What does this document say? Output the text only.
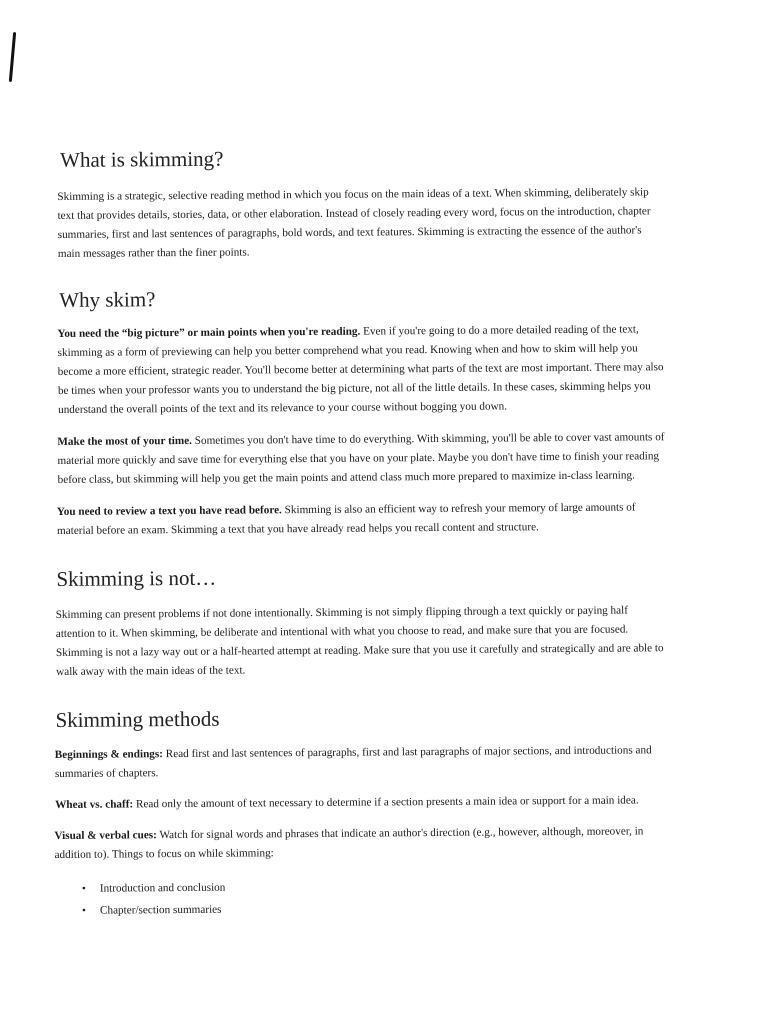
What is skimming?

Skimming is a strategic, selective reading method in which you focus on the main ideas of a text. When skimming, deliberately skip text that provides details, stories, data, or other elaboration. Instead of closely reading every word, focus on the introduction, chapter summaries, first and last sentences of paragraphs, bold words, and text features. Skimming is extracting the essence of the author's main messages rather than the finer points.

Why skim?

You need the “big picture” or main points when you're reading. Even if you're going to do a more detailed reading of the text, skimming as a form of previewing can help you better comprehend what you read. Knowing when and how to skim will help you become a more efficient, strategic reader. You'll become better at determining what parts of the text are most important. There may also be times when your professor wants you to understand the big picture, not all of the little details. In these cases, skimming helps you understand the overall points of the text and its relevance to your course without bogging you down.

Make the most of your time. Sometimes you don't have time to do everything. With skimming, you'll be able to cover vast amounts of material more quickly and save time for everything else that you have on your plate. Maybe you don't have time to finish your reading before class, but skimming will help you get the main points and attend class much more prepared to maximize in-class learning.

You need to review a text you have read before. Skimming is also an efficient way to refresh your memory of large amounts of material before an exam. Skimming a text that you have already read helps you recall content and structure.

Skimming is not…

Skimming can present problems if not done intentionally. Skimming is not simply flipping through a text quickly or paying half attention to it. When skimming, be deliberate and intentional with what you choose to read, and make sure that you are focused. Skimming is not a lazy way out or a half-hearted attempt at reading. Make sure that you use it carefully and strategically and are able to walk away with the main ideas of the text.

Skimming methods

Beginnings & endings: Read first and last sentences of paragraphs, first and last paragraphs of major sections, and introductions and summaries of chapters.

Wheat vs. chaff: Read only the amount of text necessary to determine if a section presents a main idea or support for a main idea.

Visual & verbal cues: Watch for signal words and phrases that indicate an author's direction (e.g., however, although, moreover, in addition to). Things to focus on while skimming:

• Introduction and conclusion
• Chapter/section summaries
